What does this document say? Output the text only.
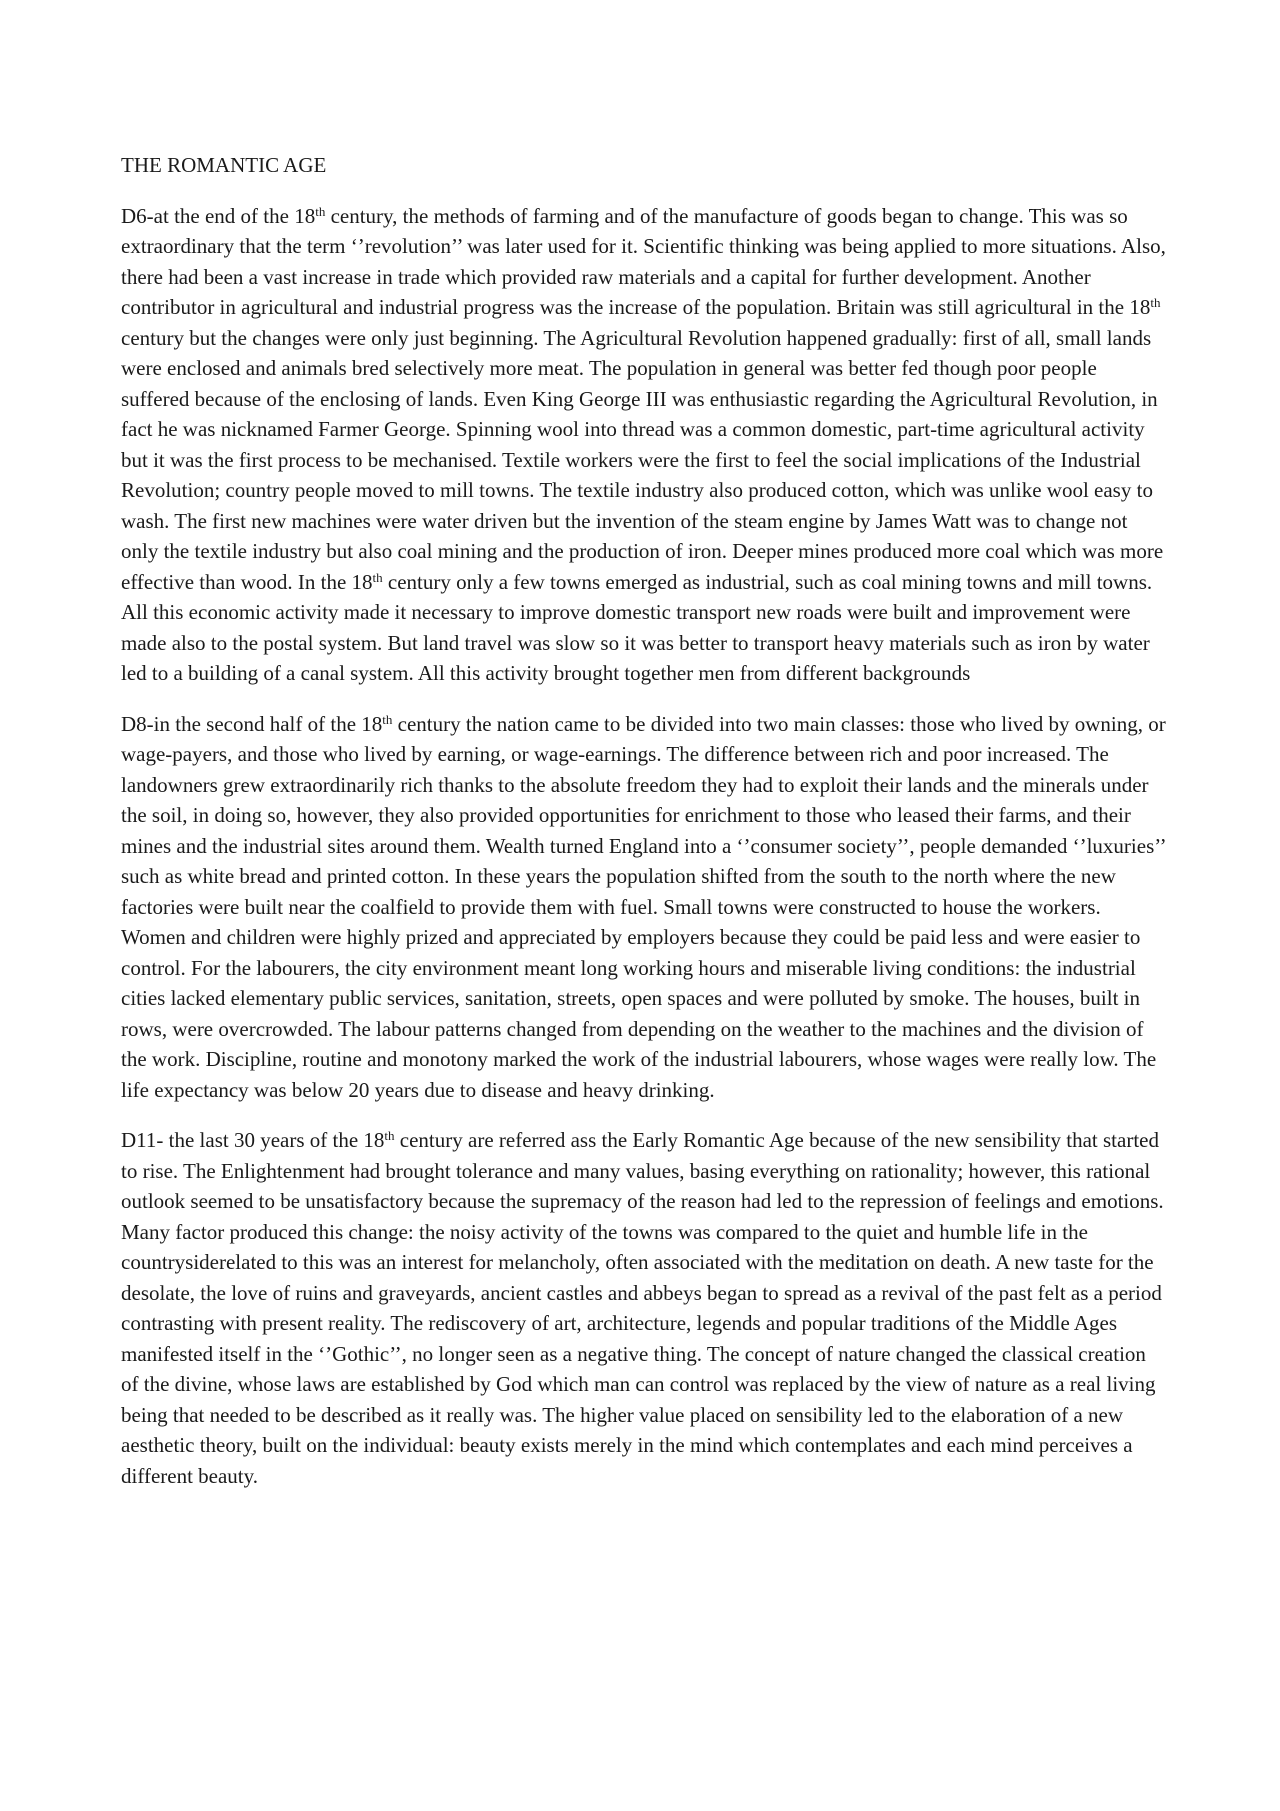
THE ROMANTIC AGE

D6-at the end of the 18th century, the methods of farming and of the manufacture of goods began to change. This was so extraordinary that the term ‘’revolution’’ was later used for it. Scientific thinking was being applied to more situations. Also, there had been a vast increase in trade which provided raw materials and a capital for further development. Another contributor in agricultural and industrial progress was the increase of the population. Britain was still agricultural in the 18th century but the changes were only just beginning. The Agricultural Revolution happened gradually: first of all, small lands were enclosed and animals bred selectively more meat. The population in general was better fed though poor people suffered because of the enclosing of lands. Even King George III was enthusiastic regarding the Agricultural Revolution, in fact he was nicknamed Farmer George. Spinning wool into thread was a common domestic, part-time agricultural activity but it was the first process to be mechanised. Textile workers were the first to feel the social implications of the Industrial Revolution; country people moved to mill towns. The textile industry also produced cotton, which was unlike wool easy to wash. The first new machines were water driven but the invention of the steam engine by James Watt was to change not only the textile industry but also coal mining and the production of iron. Deeper mines produced more coal which was more effective than wood. In the 18th century only a few towns emerged as industrial, such as coal mining towns and mill towns. All this economic activity made it necessary to improve domestic transport new roads were built and improvement were made also to the postal system. But land travel was slow so it was better to transport heavy materials such as iron by water led to a building of a canal system. All this activity brought together men from different backgrounds

D8-in the second half of the 18th century the nation came to be divided into two main classes: those who lived by owning, or wage-payers, and those who lived by earning, or wage-earnings. The difference between rich and poor increased. The landowners grew extraordinarily rich thanks to the absolute freedom they had to exploit their lands and the minerals under the soil, in doing so, however, they also provided opportunities for enrichment to those who leased their farms, and their mines and the industrial sites around them. Wealth turned England into a ‘’consumer society’’, people demanded ‘’luxuries’’ such as white bread and printed cotton. In these years the population shifted from the south to the north where the new factories were built near the coalfield to provide them with fuel. Small towns were constructed to house the workers. Women and children were highly prized and appreciated by employers because they could be paid less and were easier to control. For the labourers, the city environment meant long working hours and miserable living conditions: the industrial cities lacked elementary public services, sanitation, streets, open spaces and were polluted by smoke. The houses, built in rows, were overcrowded. The labour patterns changed from depending on the weather to the machines and the division of the work. Discipline, routine and monotony marked the work of the industrial labourers, whose wages were really low. The life expectancy was below 20 years due to disease and heavy drinking.

D11- the last 30 years of the 18th century are referred ass the Early Romantic Age because of the new sensibility that started to rise. The Enlightenment had brought tolerance and many values, basing everything on rationality; however, this rational outlook seemed to be unsatisfactory because the supremacy of the reason had led to the repression of feelings and emotions. Many factor produced this change: the noisy activity of the towns was compared to the quiet and humble life in the countrysiderelated to this was an interest for melancholy, often associated with the meditation on death. A new taste for the desolate, the love of ruins and graveyards, ancient castles and abbeys began to spread as a revival of the past felt as a period contrasting with present reality. The rediscovery of art, architecture, legends and popular traditions of the Middle Ages manifested itself in the ‘’Gothic’’, no longer seen as a negative thing. The concept of nature changed the classical creation of the divine, whose laws are established by God which man can control was replaced by the view of nature as a real living being that needed to be described as it really was. The higher value placed on sensibility led to the elaboration of a new aesthetic theory, built on the individual: beauty exists merely in the mind which contemplates and each mind perceives a different beauty.
